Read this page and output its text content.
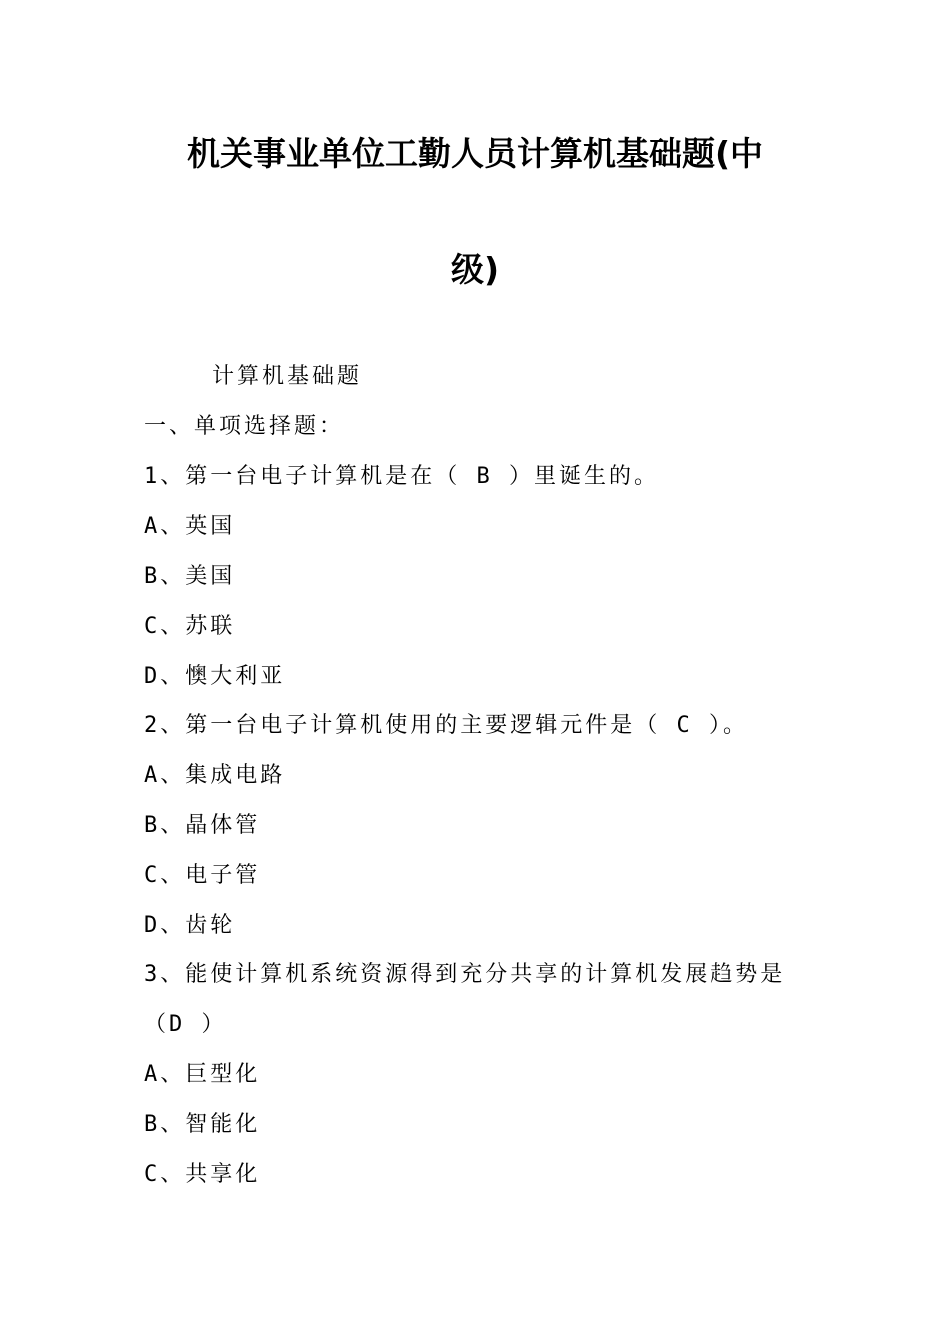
机关事业单位工勤人员计算机基础题(中
级)

计算机基础题

一、单项选择题：

1、第一台电子计算机是在（ B ）里诞生的。

A、英国

B、美国

C、苏联

D、懊大利亚

2、第一台电子计算机使用的主要逻辑元件是（ C ）。

A、集成电路

B、晶体管

C、电子管

D、齿轮

3、能使计算机系统资源得到充分共享的计算机发展趋势是

（D ）

A、巨型化

B、智能化

C、共享化
